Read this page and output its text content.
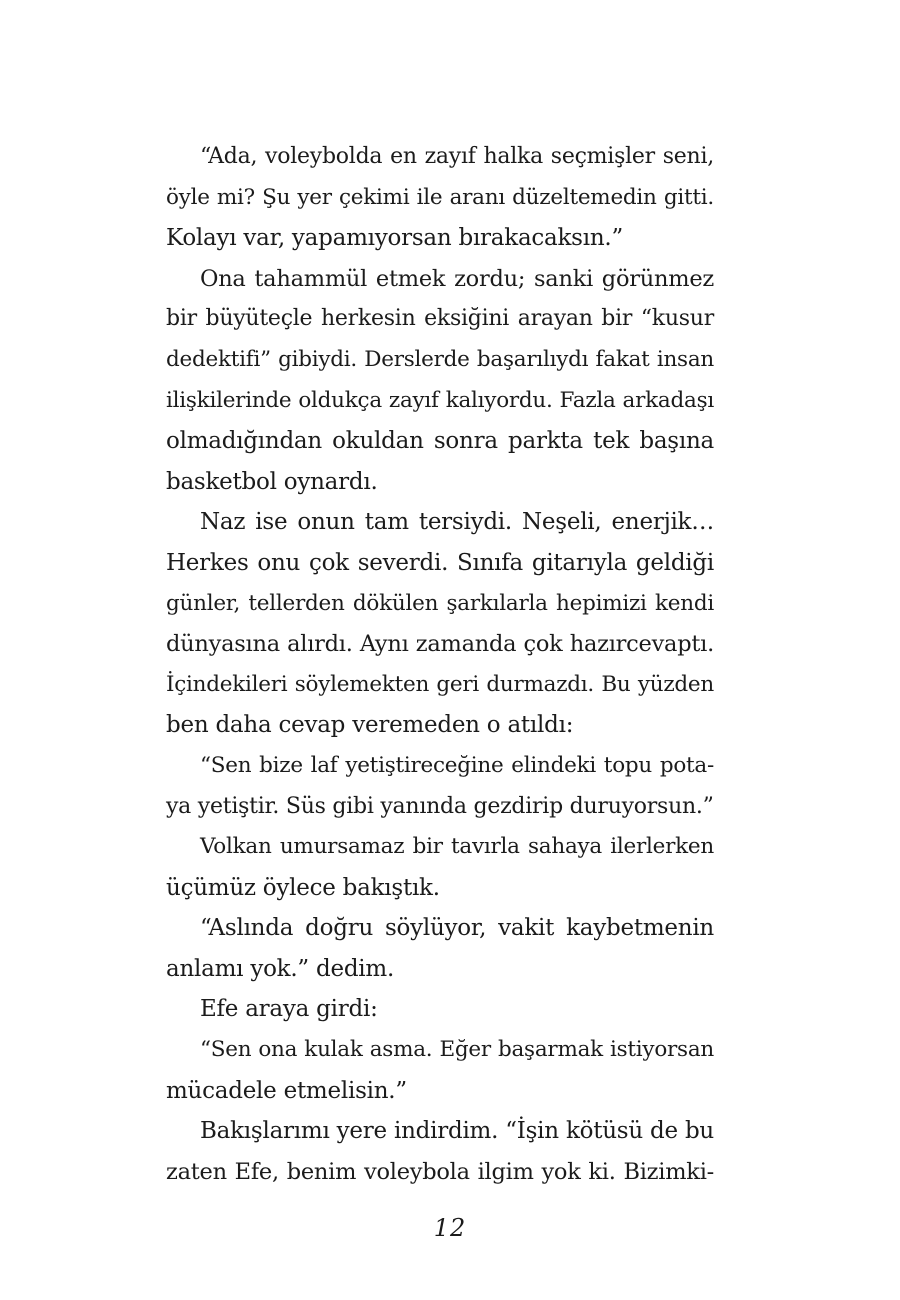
“Ada, voleybolda en zayıf halka seçmişler seni,
öyle mi? Şu yer çekimi ile aranı düzeltemedin gitti.
Kolayı var, yapamıyorsan bırakacaksın.”

Ona tahammül etmek zordu; sanki görünmez
bir büyüteçle herkesin eksiğini arayan bir “kusur
dedektifi” gibiydi. Derslerde başarılıydı fakat insan
ilişkilerinde oldukça zayıf kalıyordu. Fazla arkadaşı
olmadığından okuldan sonra parkta tek başına
basketbol oynardı.

Naz ise onun tam tersiydi. Neşeli, enerjik…
Herkes onu çok severdi. Sınıfa gitarıyla geldiği
günler, tellerden dökülen şarkılarla hepimizi kendi
dünyasına alırdı. Aynı zamanda çok hazırcevaptı.
İçindekileri söylemekten geri durmazdı. Bu yüzden
ben daha cevap veremeden o atıldı:

“Sen bize laf yetiştireceğine elindeki topu pota-
ya yetiştir. Süs gibi yanında gezdirip duruyorsun.”

Volkan umursamaz bir tavırla sahaya ilerlerken
üçümüz öylece bakıştık.

“Aslında doğru söylüyor, vakit kaybetmenin
anlamı yok.” dedim.

Efe araya girdi:

“Sen ona kulak asma. Eğer başarmak istiyorsan
mücadele etmelisin.”

Bakışlarımı yere indirdim. “İşin kötüsü de bu
zaten Efe, benim voleybola ilgim yok ki. Bizimki-

12
